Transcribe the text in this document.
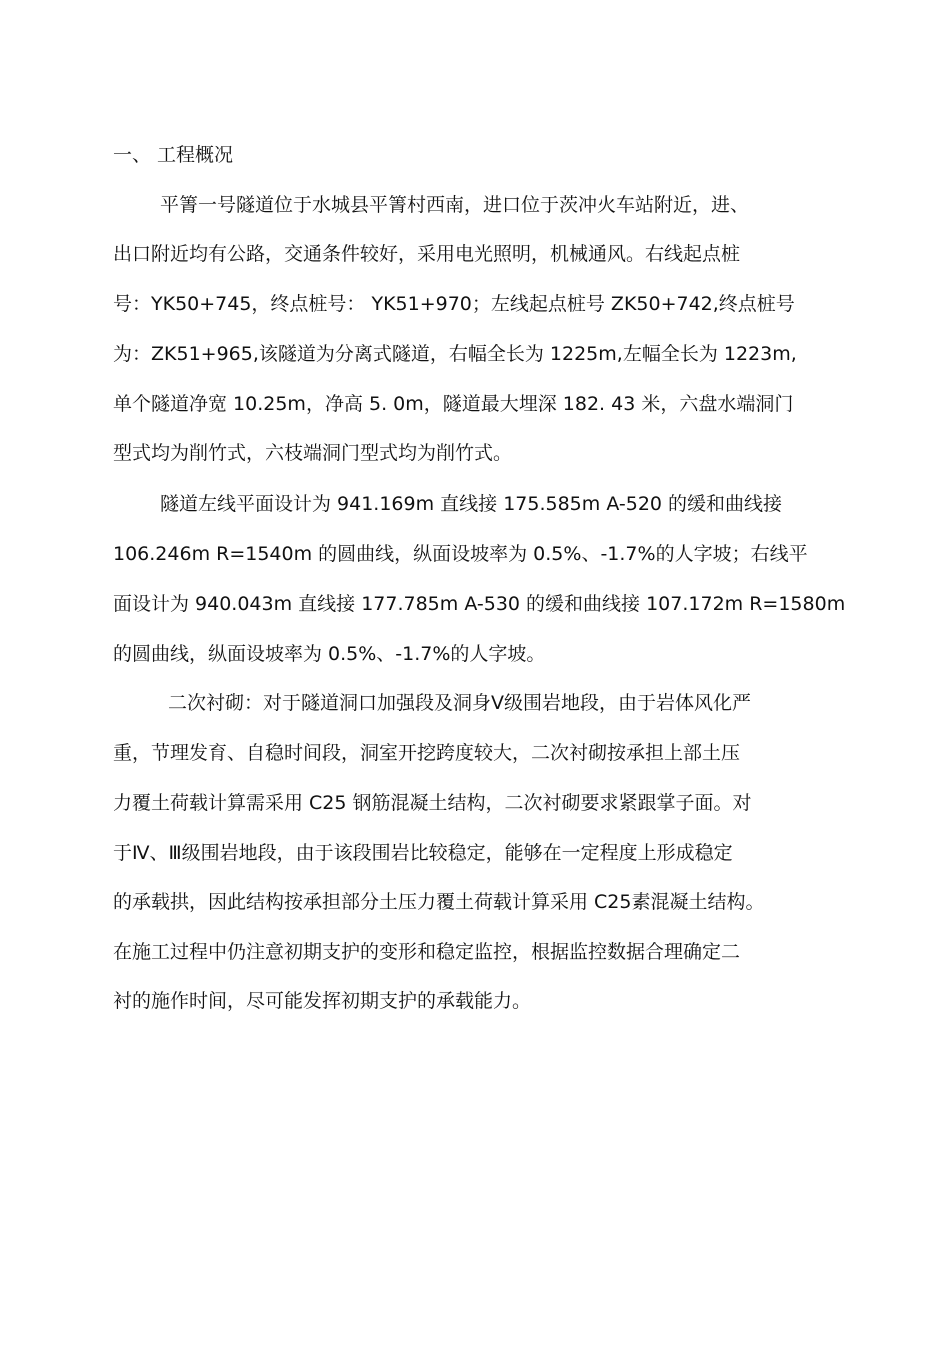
一、 工程概况
平箐一号隧道位于水城县平箐村西南，进口位于茨冲火车站附近，进、
出口附近均有公路，交通条件较好，采用电光照明，机械通风。右线起点桩
号：YK50+745，终点桩号： YK51+970；左线起点桩号 ZK50+742,终点桩号
为：ZK51+965,该隧道为分离式隧道，右幅全长为 1225m,左幅全长为 1223m,
单个隧道净宽 10.25m，净高 5. 0m，隧道最大埋深 182. 43 米，六盘水端洞门
型式均为削竹式，六枝端洞门型式均为削竹式。
隧道左线平面设计为 941.169m 直线接 175.585m A-520 的缓和曲线接
106.246m R=1540m 的圆曲线，纵面设坡率为 0.5%、-1.7%的人字坡；右线平
面设计为 940.043m 直线接 177.785m A-530 的缓和曲线接 107.172m R=1580m
的圆曲线，纵面设坡率为 0.5%、-1.7%的人字坡。
二次衬砌：对于隧道洞口加强段及洞身Ⅴ级围岩地段，由于岩体风化严
重，节理发育、自稳时间段，洞室开挖跨度较大，二次衬砌按承担上部土压
力覆土荷载计算需采用 C25 钢筋混凝土结构，二次衬砌要求紧跟掌子面。对
于Ⅳ、Ⅲ级围岩地段，由于该段围岩比较稳定，能够在一定程度上形成稳定
的承载拱，因此结构按承担部分土压力覆土荷载计算采用 C25素混凝土结构。
在施工过程中仍注意初期支护的变形和稳定监控，根据监控数据合理确定二
衬的施作时间，尽可能发挥初期支护的承载能力。
